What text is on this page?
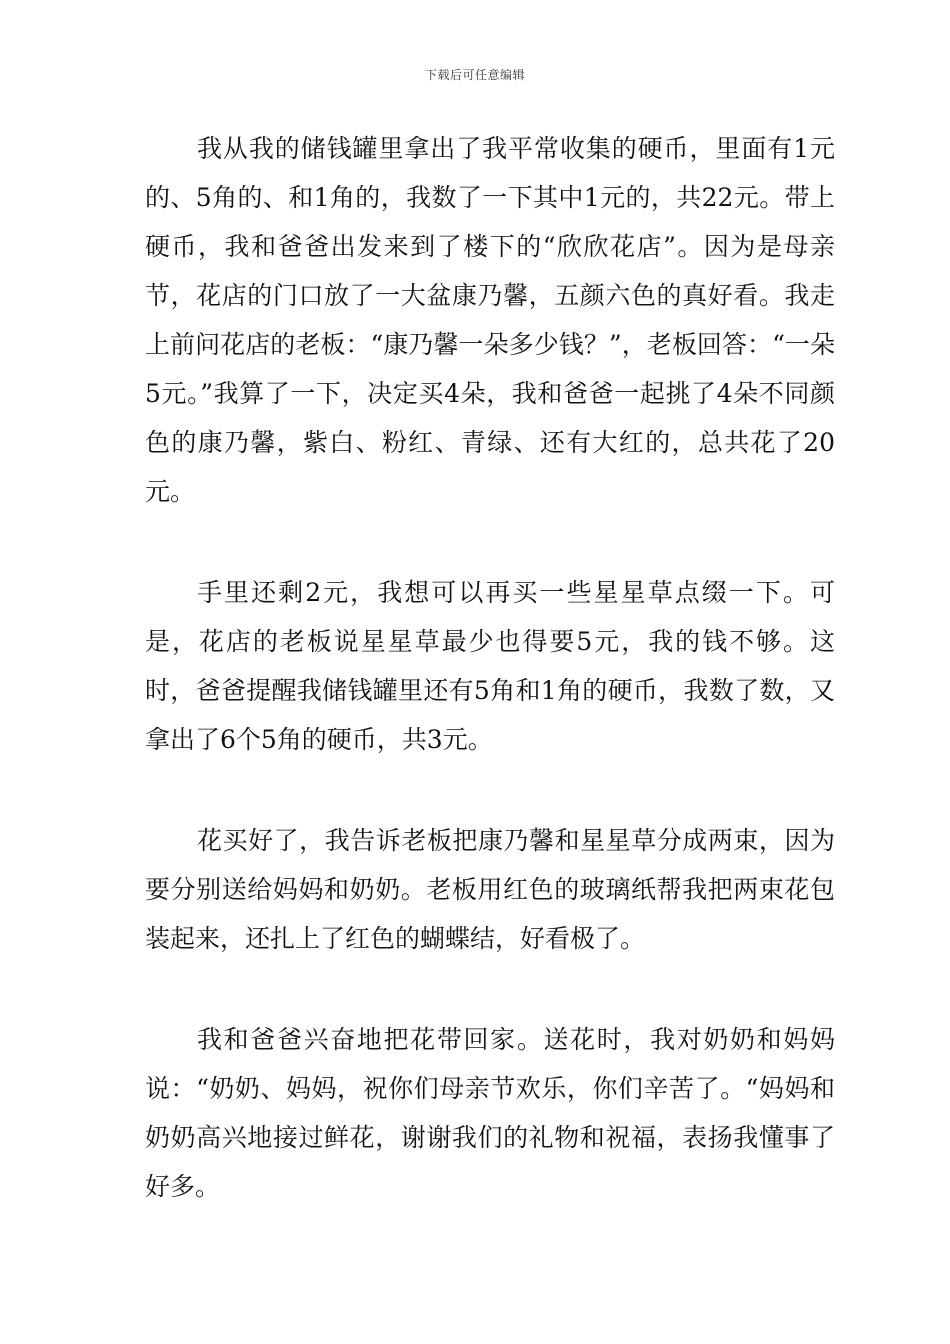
下载后可任意编辑

我从我的储钱罐里拿出了我平常收集的硬币，里面有1元的、5角的、和1角的，我数了一下其中1元的，共22元。带上硬币，我和爸爸出发来到了楼下的“欣欣花店”。因为是母亲节，花店的门口放了一大盆康乃馨，五颜六色的真好看。我走上前问花店的老板：“康乃馨一朵多少钱？”，老板回答：“一朵5元。”我算了一下，决定买4朵，我和爸爸一起挑了4朵不同颜色的康乃馨，紫白、粉红、青绿、还有大红的，总共花了20元。

手里还剩2元，我想可以再买一些星星草点缀一下。可是，花店的老板说星星草最少也得要5元，我的钱不够。这时，爸爸提醒我储钱罐里还有5角和1角的硬币，我数了数，又拿出了6个5角的硬币，共3元。

花买好了，我告诉老板把康乃馨和星星草分成两束，因为要分别送给妈妈和奶奶。老板用红色的玻璃纸帮我把两束花包装起来，还扎上了红色的蝴蝶结，好看极了。

我和爸爸兴奋地把花带回家。送花时，我对奶奶和妈妈说：“奶奶、妈妈，祝你们母亲节欢乐，你们辛苦了。“妈妈和奶奶高兴地接过鲜花，谢谢我们的礼物和祝福，表扬我懂事了好多。
